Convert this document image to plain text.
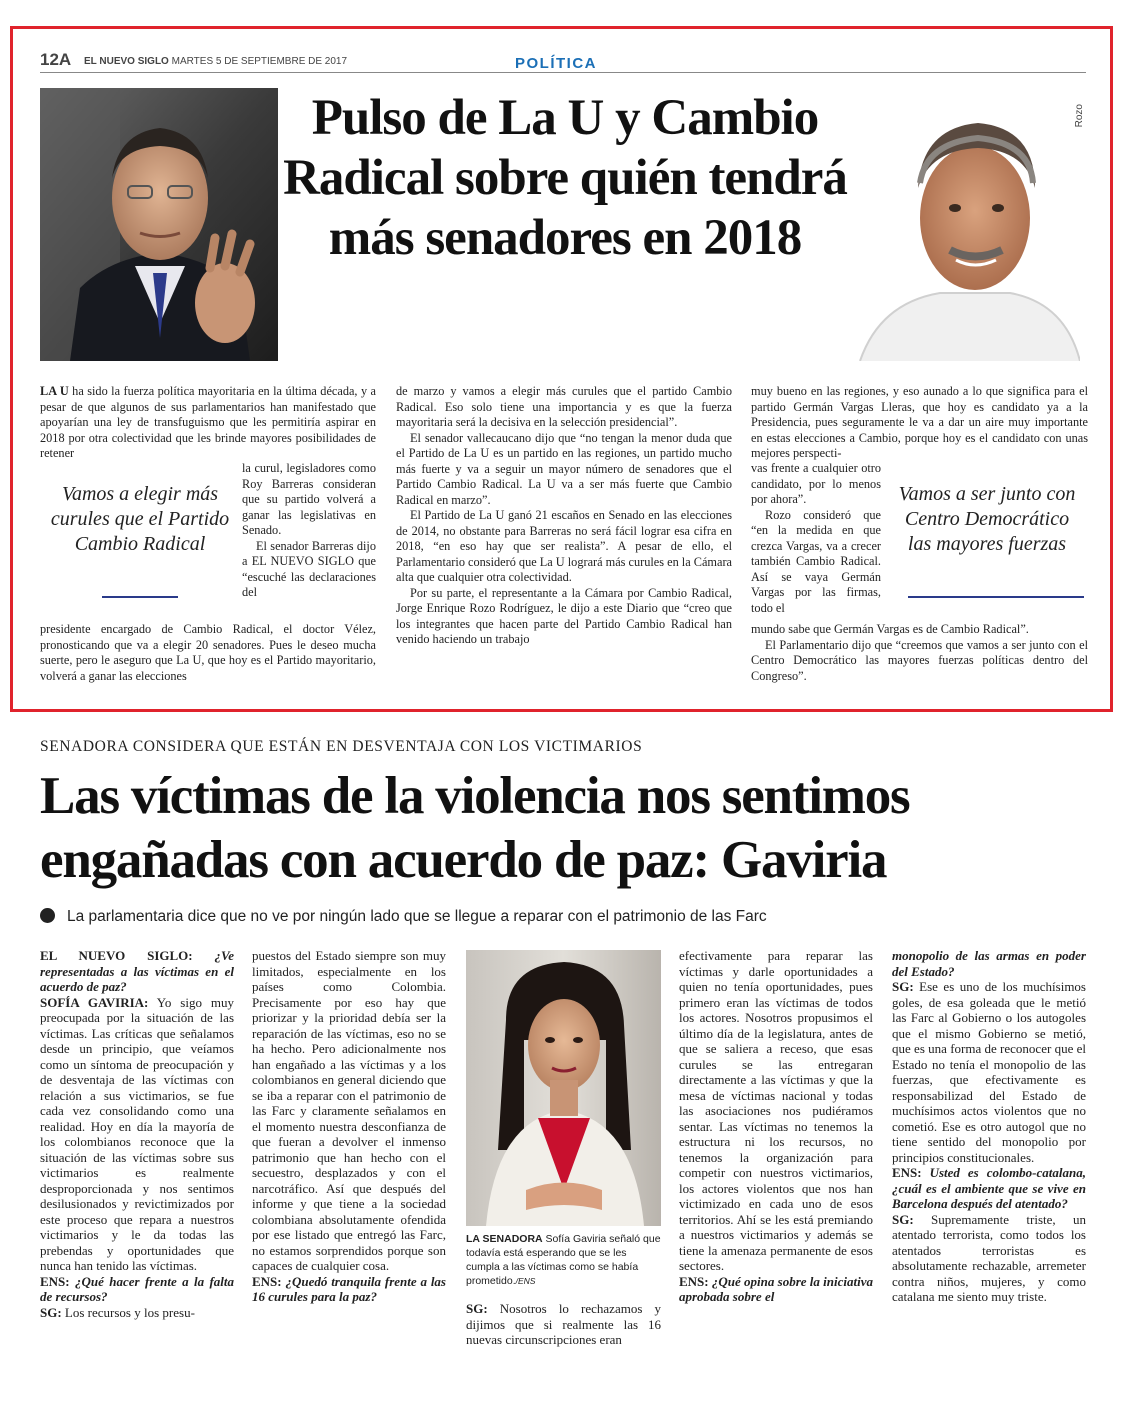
12A EL NUEVO SIGLO MARTES 5 DE SEPTIEMBRE DE 2017	POLÍTICA
Rozo
Pulso de La U y Cambio Radical sobre quién tendrá más senadores en 2018

LA U ha sido la fuerza política mayoritaria en la última década, y a pesar de que algunos de sus parlamentarios han manifestado que apoyarían una ley de transfuguismo que les permitiría aspirar en 2018 por otra colectividad que les brinde mayores posibilidades de retener

la curul, legisladores como Roy Barreras consideran que su partido volverá a ganar las legislativas en Senado.

El senador Barreras dijo a EL NUEVO SIGLO que “escuché las declaraciones del

presidente encargado de Cambio Radical, el doctor Vélez, pronosticando que va a elegir 20 senadores. Pues le deseo mucha suerte, pero le aseguro que La U, que hoy es el Partido mayoritario, volverá a ganar las elecciones

Vamos a elegir más curules que el Partido Cambio Radical

de marzo y vamos a elegir más curules que el partido Cambio Radical. Eso solo tiene una importancia y es que la fuerza mayoritaria será la decisiva en la selección presidencial”.

El senador vallecaucano dijo que “no tengan la menor duda que el Partido de La U es un partido en las regiones, un partido mucho más fuerte y va a seguir un mayor número de senadores que el Partido Cambio Radical. La U va a ser más fuerte que Cambio Radical en marzo”.

El Partido de La U ganó 21 escaños en Senado en las elecciones de 2014, no obstante para Barreras no será fácil lograr esa cifra en 2018, “en eso hay que ser realista”. A pesar de ello, el Parlamentario consideró que La U logrará más curules en la Cámara alta que cualquier otra colectividad.

Por su parte, el representante a la Cámara por Cambio Radical, Jorge Enrique Rozo Rodríguez, le dijo a este Diario que “creo que los integrantes que hacen parte del Partido Cambio Radical han venido haciendo un trabajo

muy bueno en las regiones, y eso aunado a lo que significa para el partido Germán Vargas Lleras, que hoy es candidato ya a la Presidencia, pues seguramente le va a dar un aire muy importante en estas elecciones a Cambio, porque hoy es el candidato con unas mejores perspecti-

vas frente a cualquier otro candidato, por lo menos por ahora”.

Rozo consideró que “en la medida en que crezca Vargas, va a crecer también Cambio Radical. Así se vaya Germán Vargas por las firmas, todo el

mundo sabe que Germán Vargas es de Cambio Radical”.

El Parlamentario dijo que “creemos que vamos a ser junto con el Centro Democrático las mayores fuerzas políticas dentro del Congreso”.

Vamos a ser junto con Centro Democrático las mayores fuerzas
SENADORA CONSIDERA QUE ESTÁN EN DESVENTAJA CON LOS VICTIMARIOS
Las víctimas de la violencia nos sentimos engañadas con acuerdo de paz: Gaviria
La parlamentaria dice que no ve por ningún lado que se llegue a reparar con el patrimonio de las Farc

EL NUEVO SIGLO: ¿Ve representadas a las víctimas en el acuerdo de paz?

SOFÍA GAVIRIA: Yo sigo muy preocupada por la situación de las víctimas. Las críticas que señalamos desde un principio, que veíamos como un síntoma de preocupación y de desventaja de las víctimas con relación a sus victimarios, se fue cada vez consolidando como una realidad. Hoy en día la mayoría de los colombianos reconoce que la situación de las víctimas sobre sus victimarios es realmente desproporcionada y nos sentimos desilusionados y revictimizados por este proceso que repara a nuestros victimarios y le da todas las prebendas y oportunidades que nunca han tenido las víctimas.

ENS: ¿Qué hacer frente a la falta de recursos?

SG: Los recursos y los presu-

puestos del Estado siempre son muy limitados, especialmente en los países como Colombia. Precisamente por eso hay que priorizar y la prioridad debía ser la reparación de las víctimas, eso no se ha hecho. Pero adicionalmente nos han engañado a las víctimas y a los colombianos en general diciendo que se iba a reparar con el patrimonio de las Farc y claramente señalamos en el momento nuestra desconfianza de que fueran a devolver el inmenso patrimonio que han hecho con el secuestro, desplazados y con el narcotráfico. Así que después del informe y que tiene a la sociedad colombiana absolutamente ofendida por ese listado que entregó las Farc, no estamos sorprendidos porque son capaces de cualquier cosa.

ENS: ¿Quedó tranquila frente a las 16 curules para la paz?

LA SENADORA Sofía Gaviria señaló que todavía está esperando que se les cumpla a las víctimas como se había prometido./ENS

SG: Nosotros lo rechazamos y dijimos que si realmente las 16 nuevas circunscripciones eran

efectivamente para reparar las víctimas y darle oportunidades a quien no tenía oportunidades, pues primero eran las víctimas de todos los actores. Nosotros propusimos el último día de la legislatura, antes de que se saliera a receso, que esas curules se las entregaran directamente a las víctimas y que la mesa de víctimas nacional y todas las asociaciones nos pudiéramos sentar. Las víctimas no tenemos la estructura ni los recursos, no tenemos la organización para competir con nuestros victimarios, los actores violentos que nos han victimizado en cada uno de esos territorios. Ahí se les está premiando a nuestros victimarios y además se tiene la amenaza permanente de esos sectores.

ENS: ¿Qué opina sobre la iniciativa aprobada sobre el

monopolio de las armas en poder del Estado?

SG: Ese es uno de los muchísimos goles, de esa goleada que le metió las Farc al Gobierno o los autogoles que el mismo Gobierno se metió, que es una forma de reconocer que el Estado no tenía el monopolio de las fuerzas, que efectivamente es responsabilizad del Estado de muchísimos actos violentos que no cometió. Ese es otro autogol que no tiene sentido del monopolio por principios constitucionales.

ENS: Usted es colombo-catalana, ¿cuál es el ambiente que se vive en Barcelona después del atentado?

SG: Supremamente triste, un atentado terrorista, como todos los atentados terroristas es absolutamente rechazable, arremeter contra niños, mujeres, y como catalana me siento muy triste.
